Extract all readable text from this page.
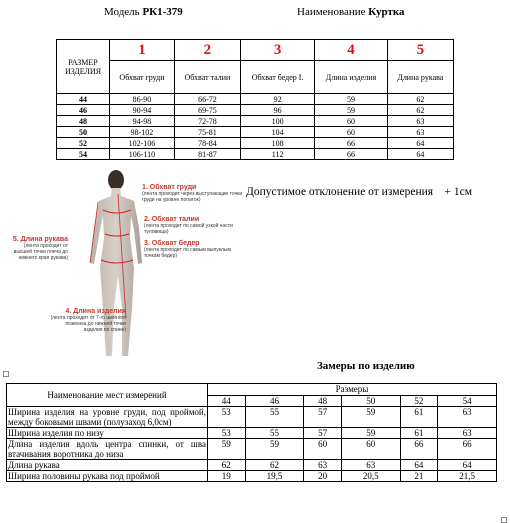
Модель РК1-379	Наименование Куртка
РАЗМЕР ИЗДЕЛИЯ	1	2	3	4	5
	Обхват груди	Обхват талии	Обхват бедер I.	Длина изделия	Длина рукава
44	86-90	66-72	92	59	62
46	90-94	69-75	96	59	62
48	94-98	72-78	100	60	63
50	98-102	75-81	104	60	63
52	102-106	78-84	108	66	64
54	106-110	81-87	112	66	64
1. Обхват груди
(лента проходит через выступающие точки груди на уровне лопаток)
2. Обхват талии
(лента проходит по самой узкой части туловища)
3. Обхват бедер
(лента проходит по самым выпуклым точкам бедер)
5. Длина рукава
(лента проходит от высшей точки плеча до нижнего края рукава)
4. Длина изделия
(лента проходит от 7-го шейного позвонка до нижней точки изделия по спине)
Допустимое отклонение от измерения + 1см
Замеры по изделию
Наименование мест измерений	Размеры					
	44	46	48	50	52	54
Ширина изделия на уровне груди, под проймой, между боковыми швами (полузаход 6,0см)	53	55	57	59	61	63
Ширина изделия по низу	53	55	57	59	61	63
Длина изделия вдоль центра спинки, от шва втачивания воротника до низа	59	59	60	60	66	66
Длина рукава	62	62	63	63	64	64
Ширина половины рукава под проймой	19	19,5	20	20,5	21	21,5
